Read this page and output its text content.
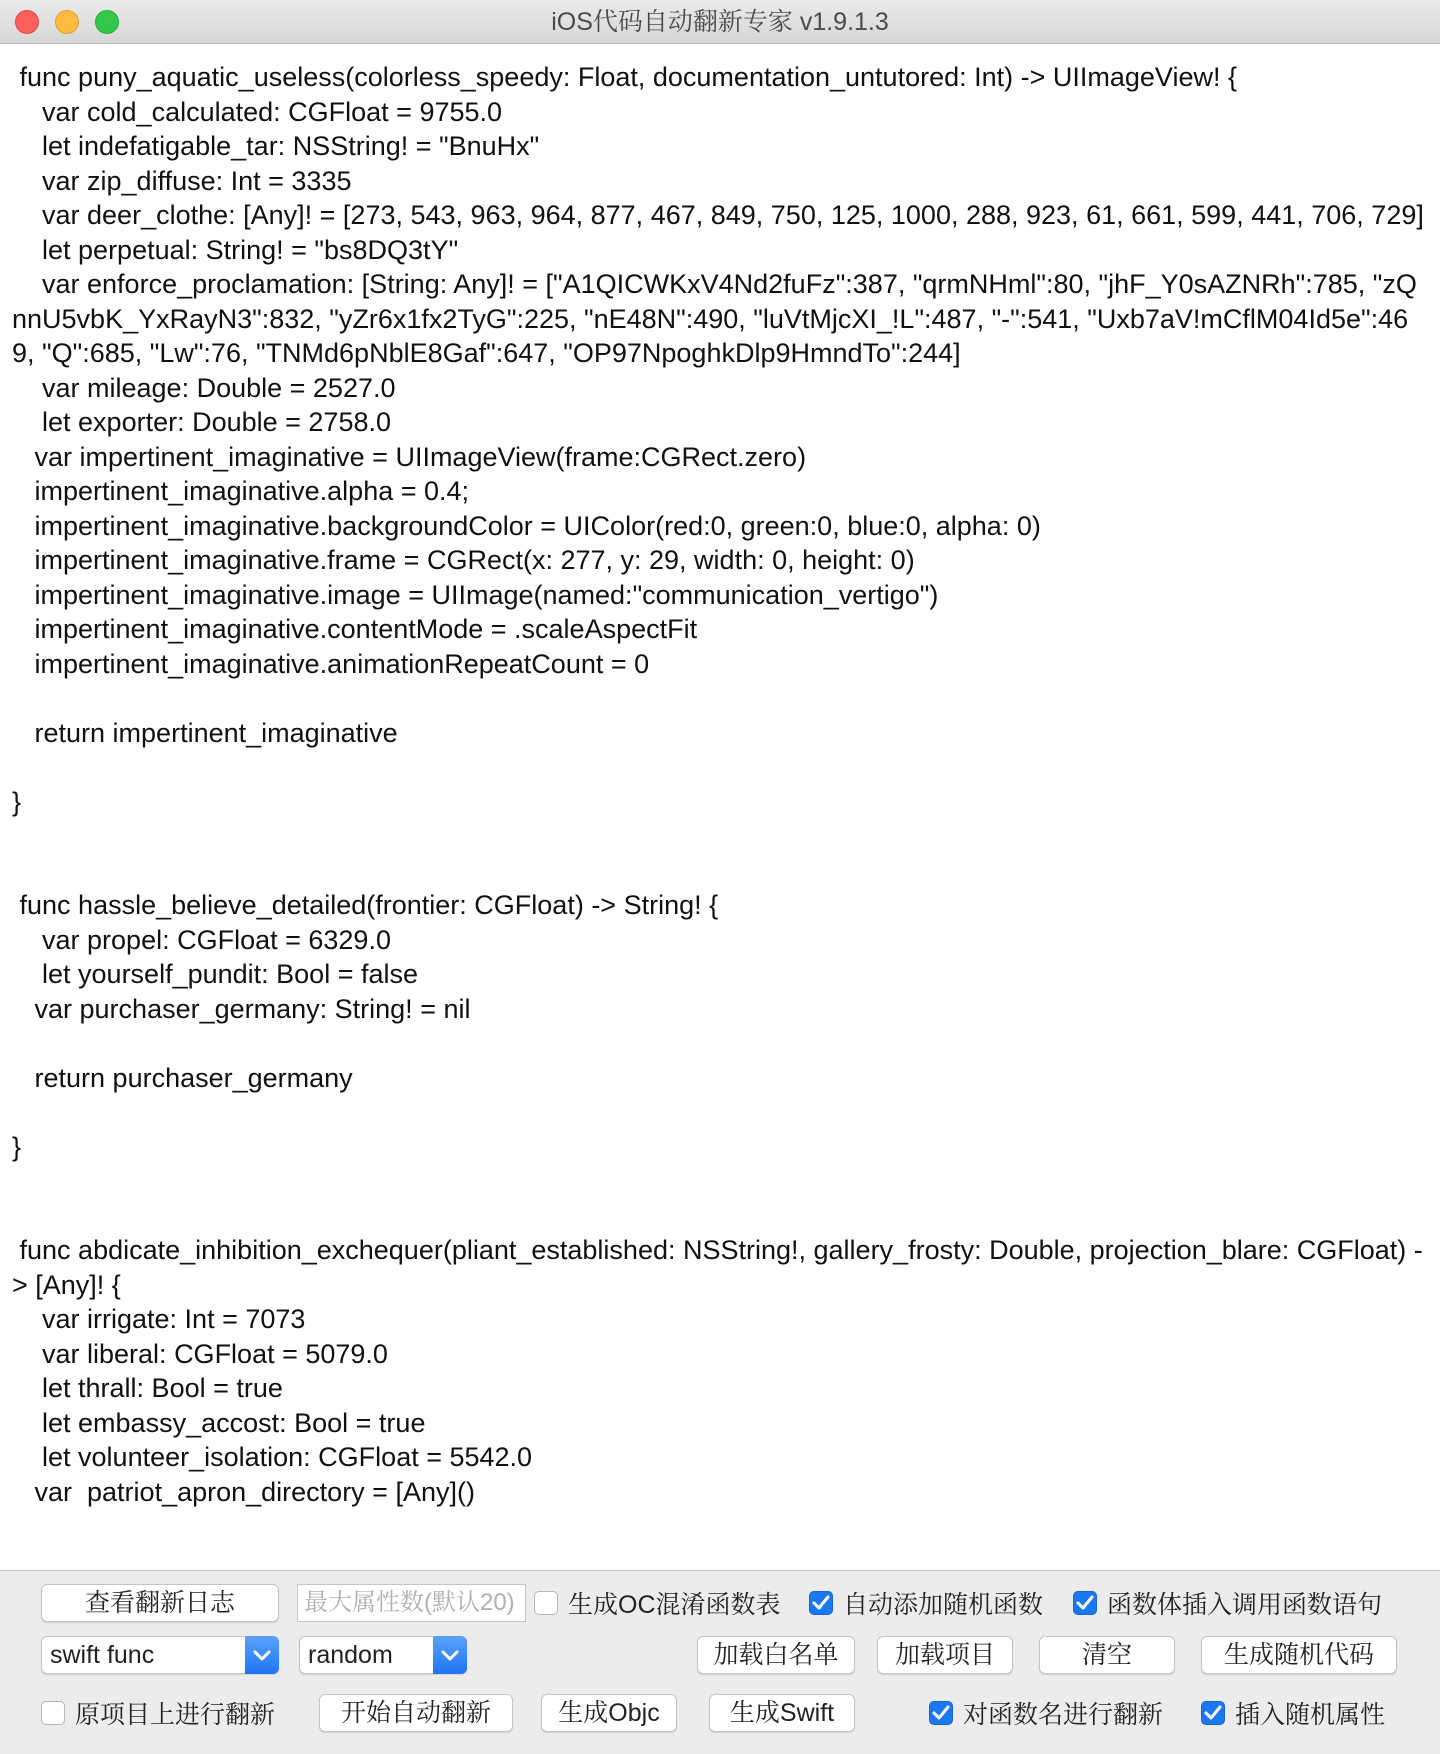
iOS代码自动翻新专家 v1.9.1.3
func puny_aquatic_useless(colorless_speedy: Float, documentation_untutored: Int) -> UIImageView! {
var cold_calculated: CGFloat = 9755.0
let indefatigable_tar: NSString! = "BnuHx"
var zip_diffuse: Int = 3335
var deer_clothe: [Any]! = [273, 543, 963, 964, 877, 467, 849, 750, 125, 1000, 288, 923, 61, 661, 599, 441, 706, 729]
let perpetual: String! = "bs8DQ3tY"
var enforce_proclamation: [String: Any]! = ["A1QICWKxV4Nd2fuFz":387, "qrmNHml":80, "jhF_Y0sAZNRh":785, "zQnnU5vbK_YxRayN3":832, "yZr6x1fx2TyG":225, "nE48N":490, "luVtMjcXI_!L":487, "-":541, "Uxb7aV!mCflM04Id5e":469, "Q":685, "Lw":76, "TNMd6pNblE8Gaf":647, "OP97NpoghkDlp9HmndTo":244]
var mileage: Double = 2527.0
let exporter: Double = 2758.0
var impertinent_imaginative = UIImageView(frame:CGRect.zero)
impertinent_imaginative.alpha = 0.4;
impertinent_imaginative.backgroundColor = UIColor(red:0, green:0, blue:0, alpha: 0)
impertinent_imaginative.frame = CGRect(x: 277, y: 29, width: 0, height: 0)
impertinent_imaginative.image = UIImage(named:"communication_vertigo")
impertinent_imaginative.contentMode = .scaleAspectFit
impertinent_imaginative.animationRepeatCount = 0

return impertinent_imaginative

}

func hassle_believe_detailed(frontier: CGFloat) -> String! {
var propel: CGFloat = 6329.0
let yourself_pundit: Bool = false
var purchaser_germany: String! = nil

return purchaser_germany

}

func abdicate_inhibition_exchequer(pliant_established: NSString!, gallery_frosty: Double, projection_blare: CGFloat) -> [Any]! {
var irrigate: Int = 7073
var liberal: CGFloat = 5079.0
let thrall: Bool = true
let embassy_accost: Bool = true
let volunteer_isolation: CGFloat = 5542.0
var  patriot_apron_directory = [Any]()
查看翻新日志	最大属性数(默认20)	生成OC混淆函数表 自动添加随机函数	函数体插入调用函数语句
swift func	random	加载白名单	加载项目	清空	生成随机代码
原项目上进行翻新	开始自动翻新	生成Objc	生成Swift	对函数名进行翻新	插入随机属性
